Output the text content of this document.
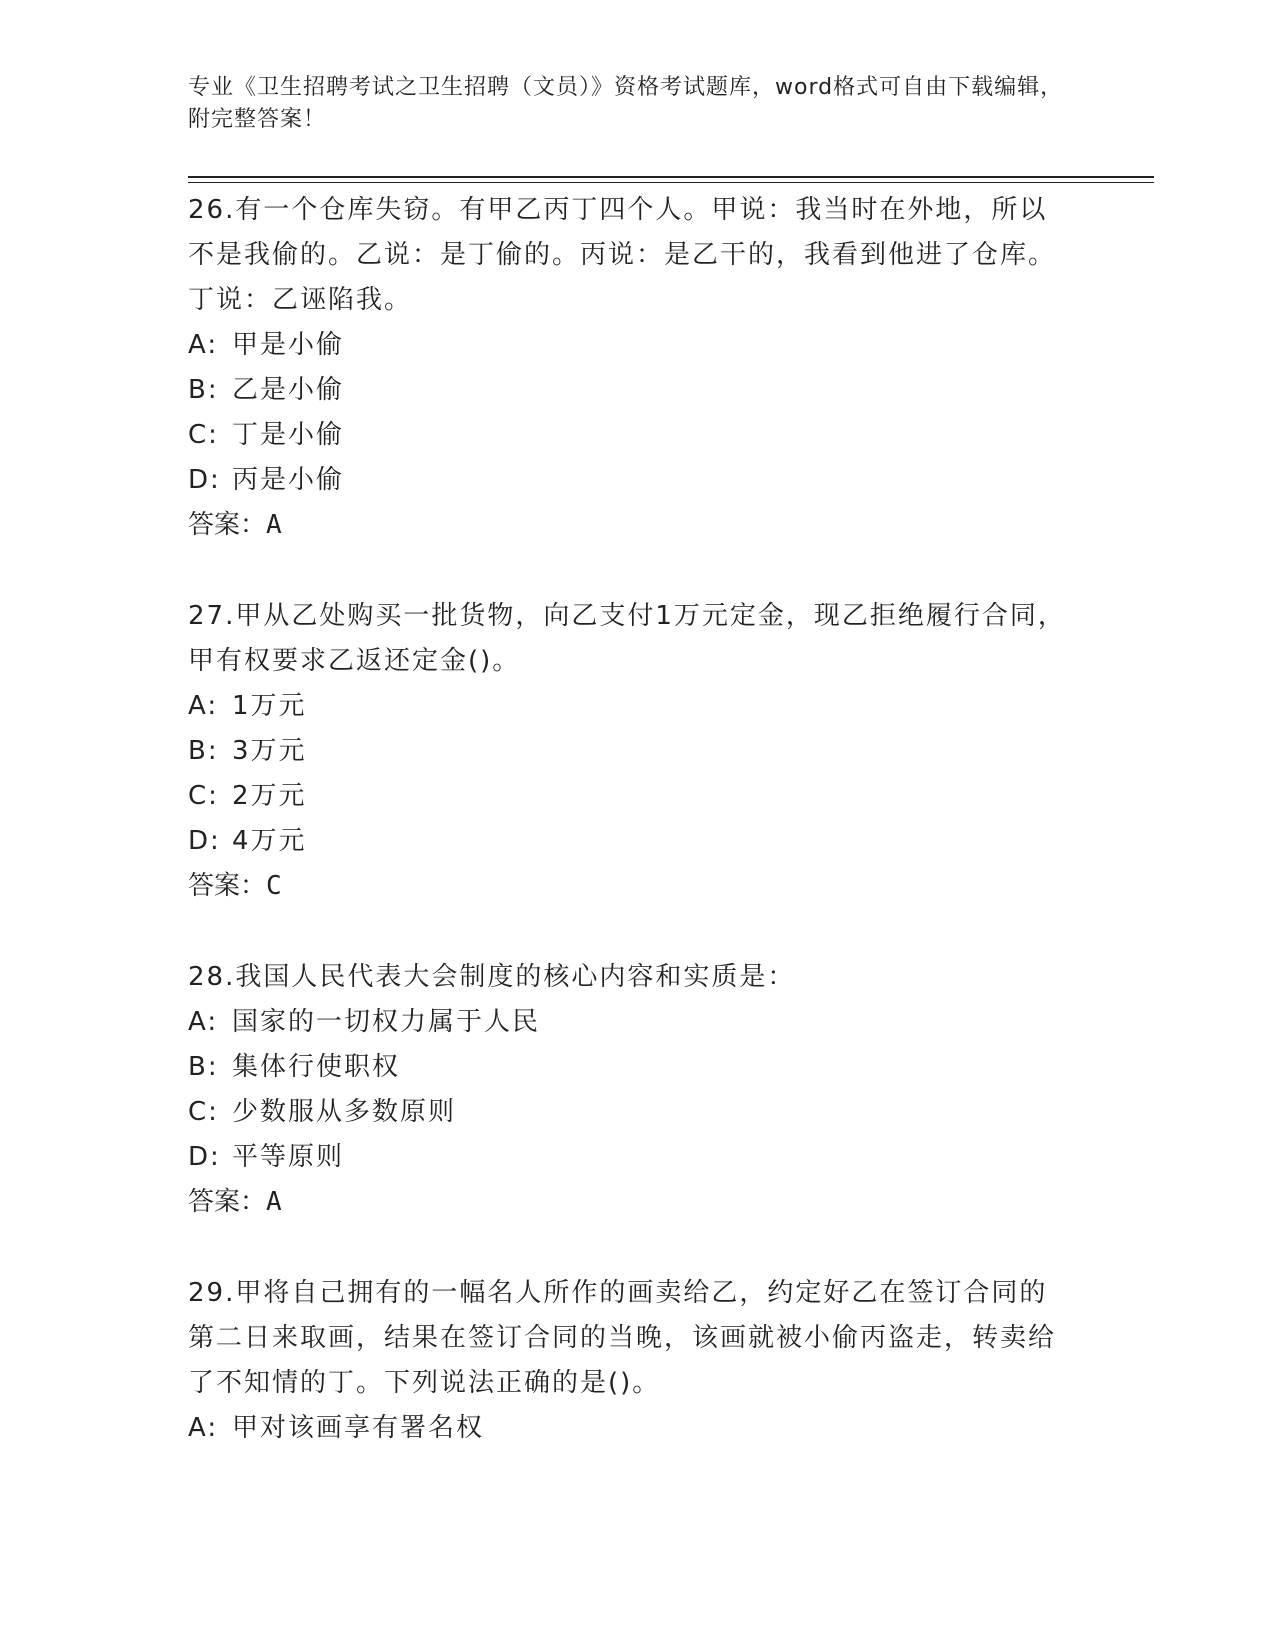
专业《卫生招聘考试之卫生招聘（文员）》资格考试题库，word格式可自由下载编辑，附完整答案！

26.有一个仓库失窃。有甲乙丙丁四个人。甲说：我当时在外地，所以不是我偷的。乙说：是丁偷的。丙说：是乙干的，我看到他进了仓库。丁说：乙诬陷我。

A: 甲是小偷

B: 乙是小偷

C: 丁是小偷

D: 丙是小偷

答案：A

27.甲从乙处购买一批货物，向乙支付1万元定金，现乙拒绝履行合同，甲有权要求乙返还定金()。

A: 1万元

B: 3万元

C: 2万元

D: 4万元

答案：C

28.我国人民代表大会制度的核心内容和实质是：

A: 国家的一切权力属于人民

B: 集体行使职权

C: 少数服从多数原则

D: 平等原则

答案：A

29.甲将自己拥有的一幅名人所作的画卖给乙，约定好乙在签订合同的第二日来取画，结果在签订合同的当晚，该画就被小偷丙盗走，转卖给了不知情的丁。下列说法正确的是()。

A: 甲对该画享有署名权
